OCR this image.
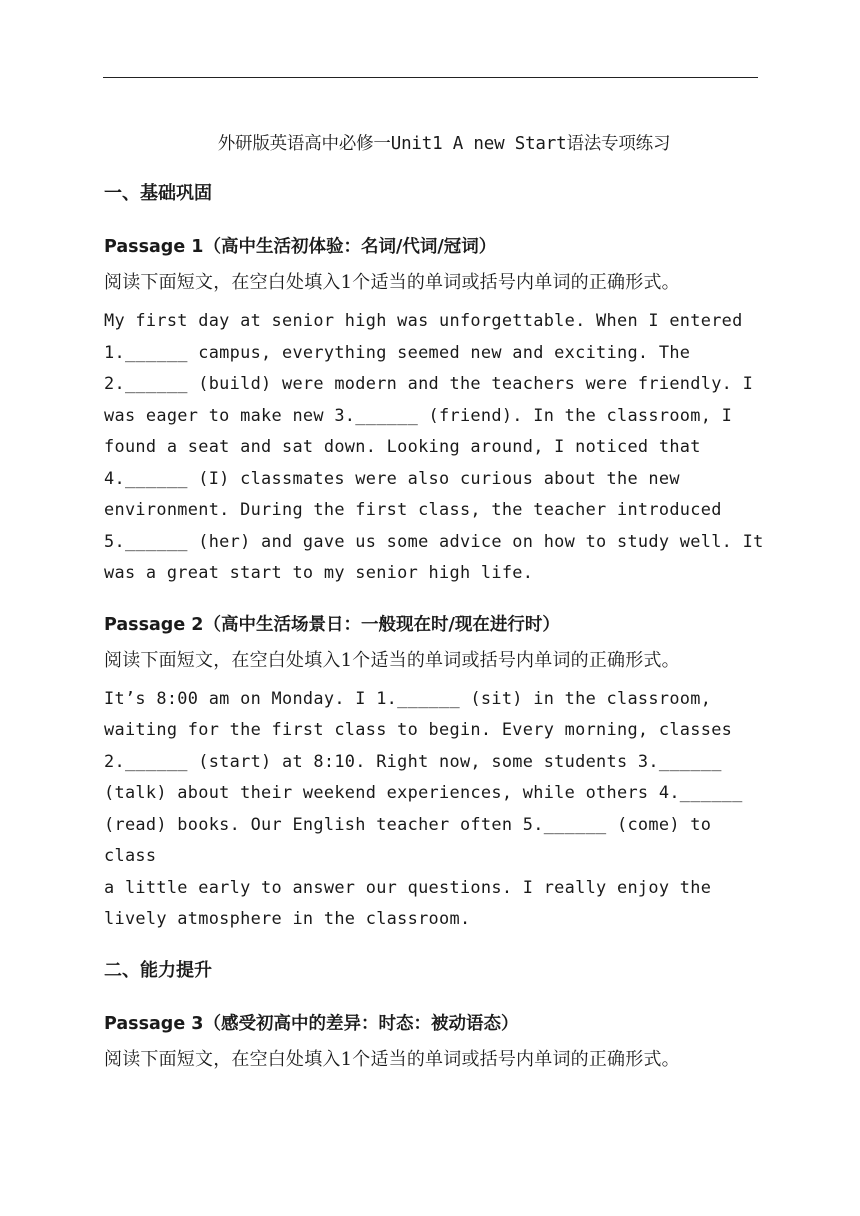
外研版英语高中必修一Unit1 A new Start语法专项练习
一、基础巩固
Passage 1（高中生活初体验：名词/代词/冠词）
阅读下面短文，在空白处填入1个适当的单词或括号内单词的正确形式。
My first day at senior high was unforgettable. When I entered
1.______ campus, everything seemed new and exciting. The
2.______ (build) were modern and the teachers were friendly. I
was eager to make new 3.______ (friend). In the classroom, I
found a seat and sat down. Looking around, I noticed that
4.______ (I) classmates were also curious about the new
environment. During the first class, the teacher introduced
5.______ (her) and gave us some advice on how to study well. It
was a great start to my senior high life.
Passage 2（高中生活场景日：一般现在时/现在进行时）
阅读下面短文，在空白处填入1个适当的单词或括号内单词的正确形式。
It’s 8:00 am on Monday. I 1.______ (sit) in the classroom,
waiting for the first class to begin. Every morning, classes
2.______ (start) at 8:10. Right now, some students 3.______
(talk) about their weekend experiences, while others 4.______
(read) books. Our English teacher often 5.______ (come) to class
a little early to answer our questions. I really enjoy the
lively atmosphere in the classroom.
二、能力提升
Passage 3（感受初高中的差异：时态：被动语态）
阅读下面短文，在空白处填入1个适当的单词或括号内单词的正确形式。
